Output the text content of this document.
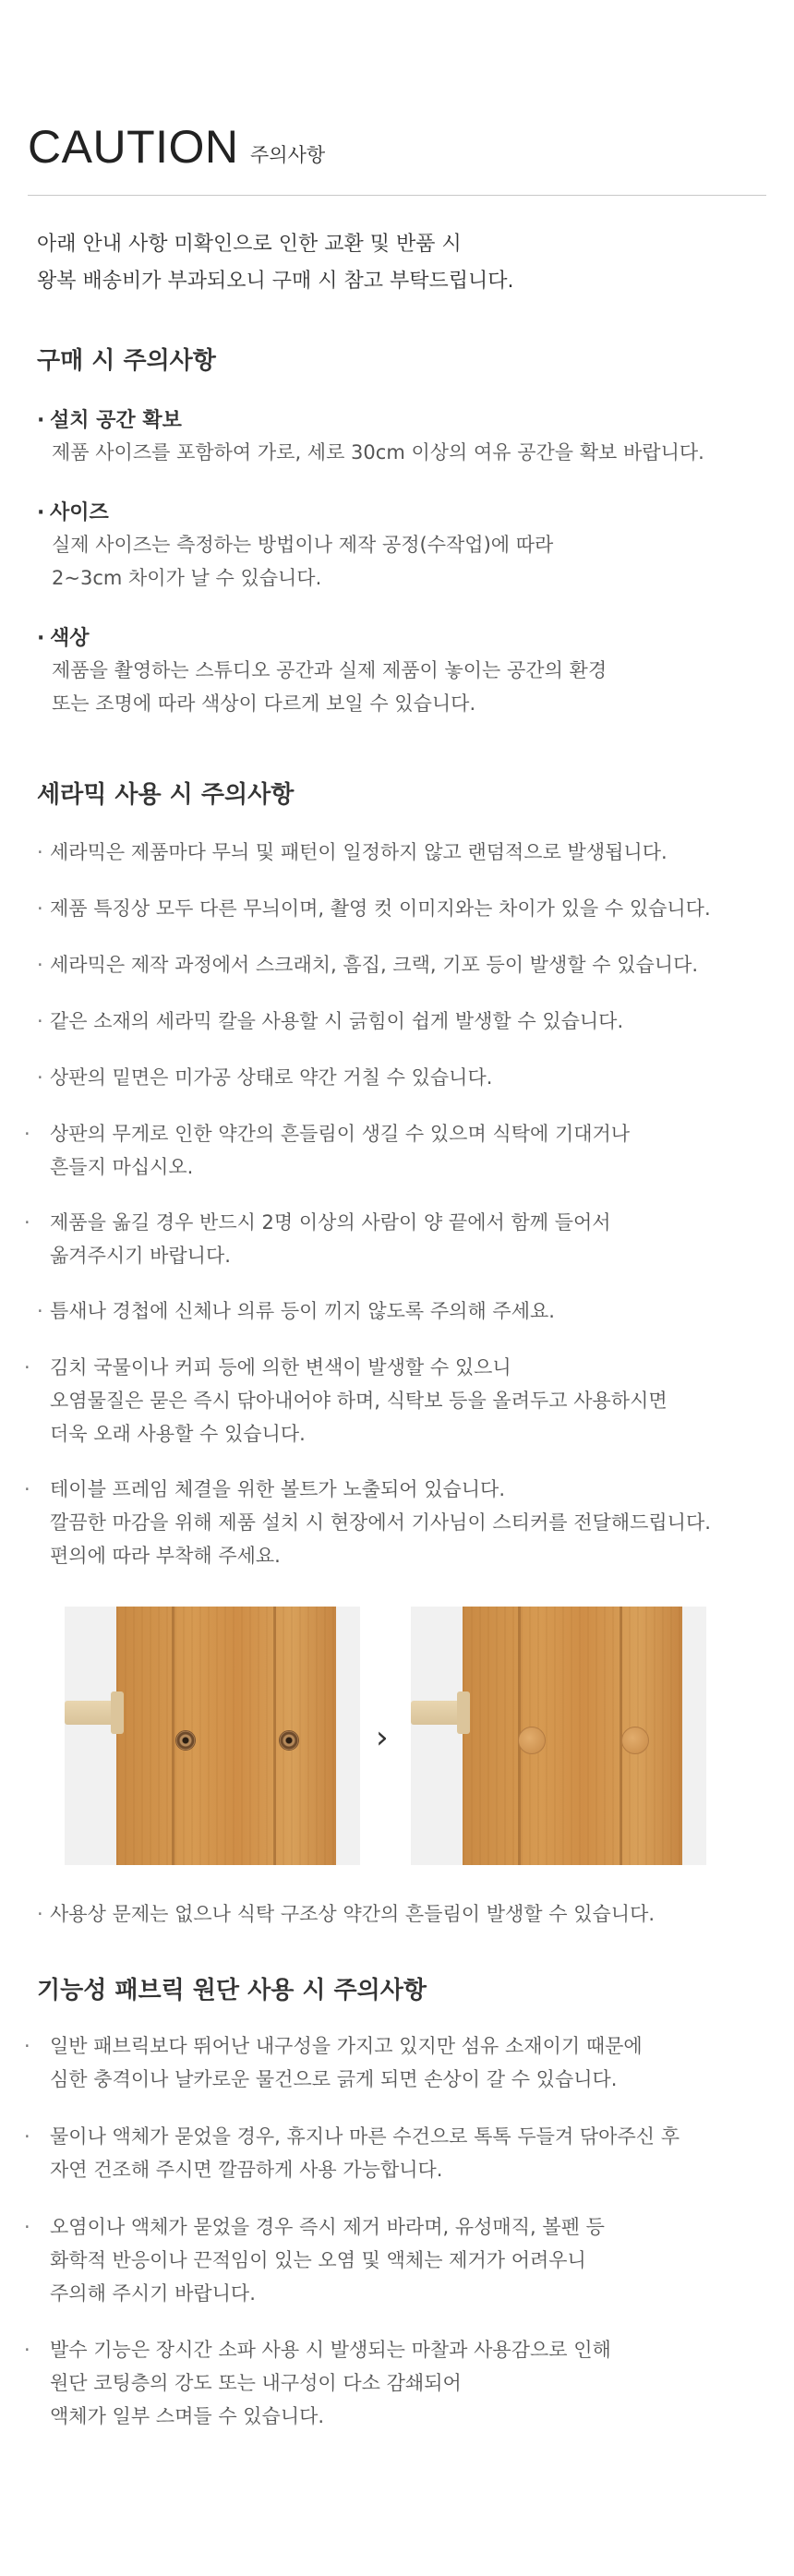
CAUTION 주의사항
아래 안내 사항 미확인으로 인한 교환 및 반품 시
왕복 배송비가 부과되오니 구매 시 참고 부탁드립니다.
구매 시 주의사항
· 설치 공간 확보
제품 사이즈를 포함하여 가로, 세로 30cm 이상의 여유 공간을 확보 바랍니다.
· 사이즈
실제 사이즈는 측정하는 방법이나 제작 공정(수작업)에 따라
2~3cm 차이가 날 수 있습니다.
· 색상
제품을 촬영하는 스튜디오 공간과 실제 제품이 놓이는 공간의 환경
또는 조명에 따라 색상이 다르게 보일 수 있습니다.
세라믹 사용 시 주의사항
· 세라믹은 제품마다 무늬 및 패턴이 일정하지 않고 랜덤적으로 발생됩니다.
· 제품 특징상 모두 다른 무늬이며, 촬영 컷 이미지와는 차이가 있을 수 있습니다.
· 세라믹은 제작 과정에서 스크래치, 흠집, 크랙, 기포 등이 발생할 수 있습니다.
· 같은 소재의 세라믹 칼을 사용할 시 긁힘이 쉽게 발생할 수 있습니다.
· 상판의 밑면은 미가공 상태로 약간 거칠 수 있습니다.
· 상판의 무게로 인한 약간의 흔들림이 생길 수 있으며 식탁에 기대거나
흔들지 마십시오.
· 제품을 옮길 경우 반드시 2명 이상의 사람이 양 끝에서 함께 들어서
옮겨주시기 바랍니다.
· 틈새나 경첩에 신체나 의류 등이 끼지 않도록 주의해 주세요.
· 김치 국물이나 커피 등에 의한 변색이 발생할 수 있으니
오염물질은 묻은 즉시 닦아내어야 하며, 식탁보 등을 올려두고 사용하시면
더욱 오래 사용할 수 있습니다.
· 테이블 프레임 체결을 위한 볼트가 노출되어 있습니다.
깔끔한 마감을 위해 제품 설치 시 현장에서 기사님이 스티커를 전달해드립니다.
편의에 따라 부착해 주세요.
›
· 사용상 문제는 없으나 식탁 구조상 약간의 흔들림이 발생할 수 있습니다.
기능성 패브릭 원단 사용 시 주의사항
· 일반 패브릭보다 뛰어난 내구성을 가지고 있지만 섬유 소재이기 때문에
심한 충격이나 날카로운 물건으로 긁게 되면 손상이 갈 수 있습니다.
· 물이나 액체가 묻었을 경우, 휴지나 마른 수건으로 톡톡 두들겨 닦아주신 후
자연 건조해 주시면 깔끔하게 사용 가능합니다.
· 오염이나 액체가 묻었을 경우 즉시 제거 바라며, 유성매직, 볼펜 등
화학적 반응이나 끈적임이 있는 오염 및 액체는 제거가 어려우니
주의해 주시기 바랍니다.
· 발수 기능은 장시간 소파 사용 시 발생되는 마찰과 사용감으로 인해
원단 코팅층의 강도 또는 내구성이 다소 감쇄되어
액체가 일부 스며들 수 있습니다.
